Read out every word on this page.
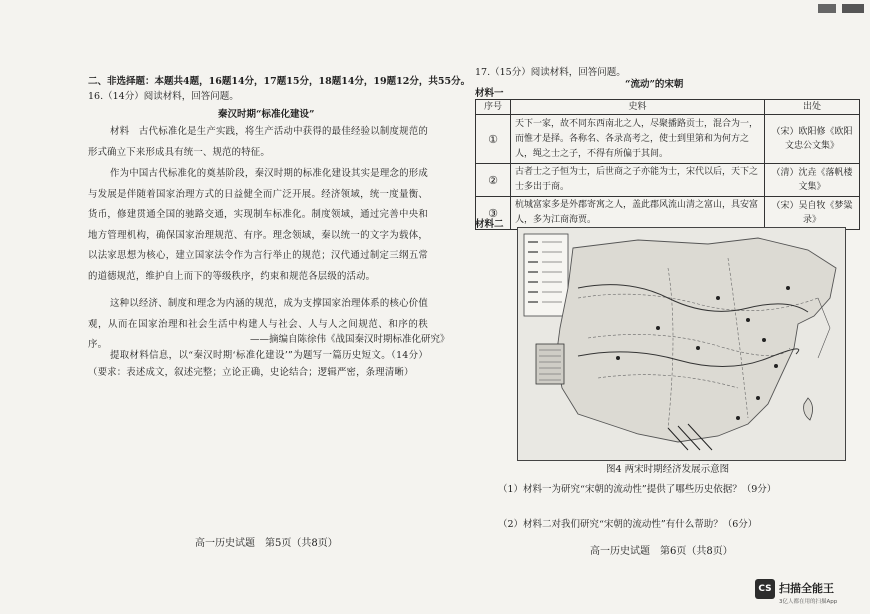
二、非选择题：本题共4题，16题14分，17题15分，18题14分，19题12分，共55分。
16.（14分）阅读材料，回答问题。
秦汉时期“标准化建设”
材料　古代标准化是生产实践，将生产活动中获得的最佳经验以制度规范的形式确立下来形成具有统一、规范的特征。
作为中国古代标准化的奠基阶段，秦汉时期的标准化建设其实是理念的形成与发展是伴随着国家治理方式的日益健全而广泛开展。经济领域，统一度量衡、货币，修建贯通全国的驰路交通，实现制车标准化。制度领域，通过完善中央和地方管理机构，确保国家治理规范、有序。理念领域，秦以统一的文字为载体，以法家思想为核心，建立国家法令作为言行举止的规范；汉代通过制定三纲五常的道德规范，维护自上而下的等级秩序，约束和规范各层级的活动。
这种以经济、制度和理念为内涵的规范，成为支撑国家治理体系的核心价值观，从而在国家治理和社会生活中构建人与社会、人与人之间规范、和序的秩序。	——摘编自陈徐伟《战国秦汉时期标准化研究》
提取材料信息，以“秦汉时期‘标准化建设’”为题写一篇历史短文。（14分）（要求：表述成文，叙述完整；立论正确，史论结合；逻辑严密，条理清晰）
高一历史试题　第5页（共8页）
17.（15分）阅读材料，回答问题。
“流动”的宋朝
材料一
序号	史料	出处
①	天下一家，故不同东西南北之人，尽聚播路贡士，混合为一，而惟才是择。各称名、各录高考之，使士到里第和为何方之人，绳之士之子，不得有所偏于其间。	（宋）欧阳修《欧阳文忠公文集》
②	古者士之子恒为士，后世商之子亦能为士，宋代以后，天下之士多出于商。	（清）沈垚《落帆楼文集》
③	杭城富家多是外郡寄寓之人，盖此郡风流山清之富山，具安富人，多为江商海贾。	（宋）吴自牧《梦粱录》
材料二
图4 两宋时期经济发展示意图
（1）材料一为研究“宋朝的流动性”提供了哪些历史依据？（9分）
（2）材料二对我们研究“宋朝的流动性”有什么帮助？（6分）
高一历史试题　第6页（共8页）
CS 扫描全能王
3亿人都在用的扫描App
